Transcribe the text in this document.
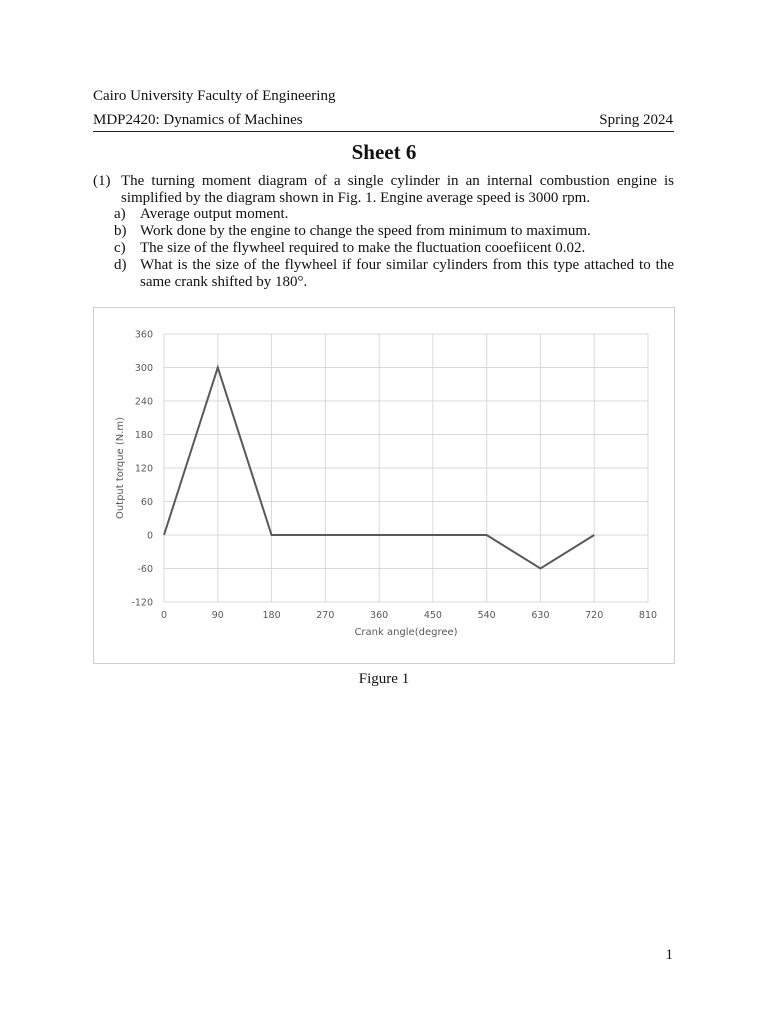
Cairo University Faculty of Engineering
MDP2420: Dynamics of Machines	Spring 2024
Sheet 6
(1) The turning moment diagram of a single cylinder in an internal combustion engine is simplified by the diagram shown in Fig. 1. Engine average speed is 3000 rpm.
a) Average output moment.
b) Work done by the engine to change the speed from minimum to maximum.
c) The size of the flywheel required to make the fluctuation cooefiicent 0.02.
d) What is the size of the flywheel if four similar cylinders from this type attached to the same crank shifted by 180°.
0	90	180	270	360	450	540	630	720	810
-120
-60
0
60
120
180
240
300
360
Crank angle(degree)
Output torque (N.m)
Figure 1
1
